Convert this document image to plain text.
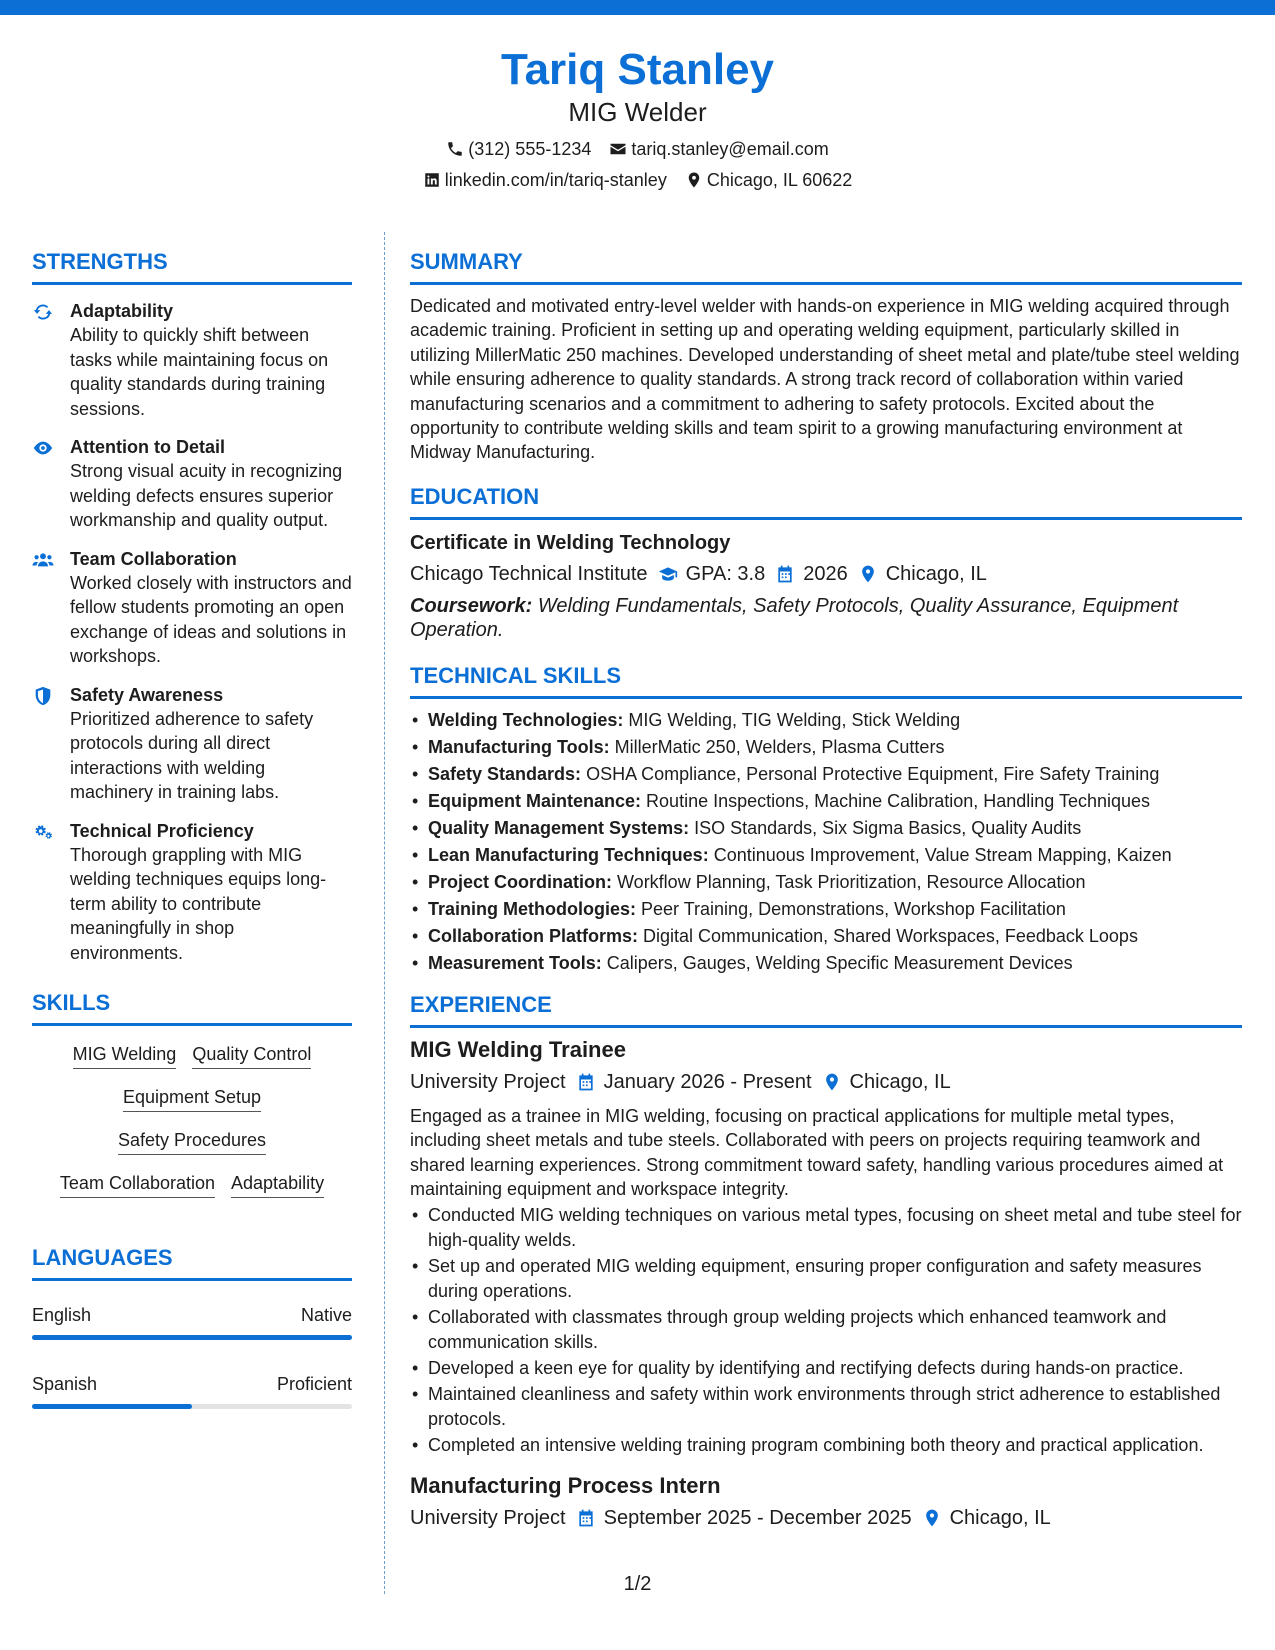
Tariq Stanley
MIG Welder
(312) 555-1234 tariq.stanley@email.com
linkedin.com/in/tariq-stanley Chicago, IL 60622
STRENGTHS
Adaptability
Ability to quickly shift between tasks while maintaining focus on quality standards during training sessions.
Attention to Detail
Strong visual acuity in recognizing welding defects ensures superior workmanship and quality output.
Team Collaboration
Worked closely with instructors and fellow students promoting an open exchange of ideas and solutions in workshops.
Safety Awareness
Prioritized adherence to safety protocols during all direct interactions with welding machinery in training labs.
Technical Proficiency
Thorough grappling with MIG welding techniques equips long-term ability to contribute meaningfully in shop environments.
SKILLS
MIG Welding Quality Control
Equipment Setup
Safety Procedures
Team Collaboration Adaptability
LANGUAGES
English	Native
Spanish	Proficient
SUMMARY
Dedicated and motivated entry-level welder with hands-on experience in MIG welding acquired through academic training. Proficient in setting up and operating welding equipment, particularly skilled in utilizing MillerMatic 250 machines. Developed understanding of sheet metal and plate/tube steel welding while ensuring adherence to quality standards. A strong track record of collaboration within varied manufacturing scenarios and a commitment to adhering to safety protocols. Excited about the opportunity to contribute welding skills and team spirit to a growing manufacturing environment at Midway Manufacturing.
EDUCATION
Certificate in Welding Technology
Chicago Technical Institute GPA: 3.8 2026 Chicago, IL
Coursework: Welding Fundamentals, Safety Protocols, Quality Assurance, Equipment Operation.
TECHNICAL SKILLS
• Welding Technologies: MIG Welding, TIG Welding, Stick Welding
• Manufacturing Tools: MillerMatic 250, Welders, Plasma Cutters
• Safety Standards: OSHA Compliance, Personal Protective Equipment, Fire Safety Training
• Equipment Maintenance: Routine Inspections, Machine Calibration, Handling Techniques
• Quality Management Systems: ISO Standards, Six Sigma Basics, Quality Audits
• Lean Manufacturing Techniques: Continuous Improvement, Value Stream Mapping, Kaizen
• Project Coordination: Workflow Planning, Task Prioritization, Resource Allocation
• Training Methodologies: Peer Training, Demonstrations, Workshop Facilitation
• Collaboration Platforms: Digital Communication, Shared Workspaces, Feedback Loops
• Measurement Tools: Calipers, Gauges, Welding Specific Measurement Devices
EXPERIENCE
MIG Welding Trainee
University Project January 2026 - Present Chicago, IL
Engaged as a trainee in MIG welding, focusing on practical applications for multiple metal types, including sheet metals and tube steels. Collaborated with peers on projects requiring teamwork and shared learning experiences. Strong commitment toward safety, handling various procedures aimed at maintaining equipment and workspace integrity.
• Conducted MIG welding techniques on various metal types, focusing on sheet metal and tube steel for high-quality welds.
• Set up and operated MIG welding equipment, ensuring proper configuration and safety measures during operations.
• Collaborated with classmates through group welding projects which enhanced teamwork and communication skills.
• Developed a keen eye for quality by identifying and rectifying defects during hands-on practice.
• Maintained cleanliness and safety within work environments through strict adherence to established protocols.
• Completed an intensive welding training program combining both theory and practical application.
Manufacturing Process Intern
University Project September 2025 - December 2025 Chicago, IL
1/2
